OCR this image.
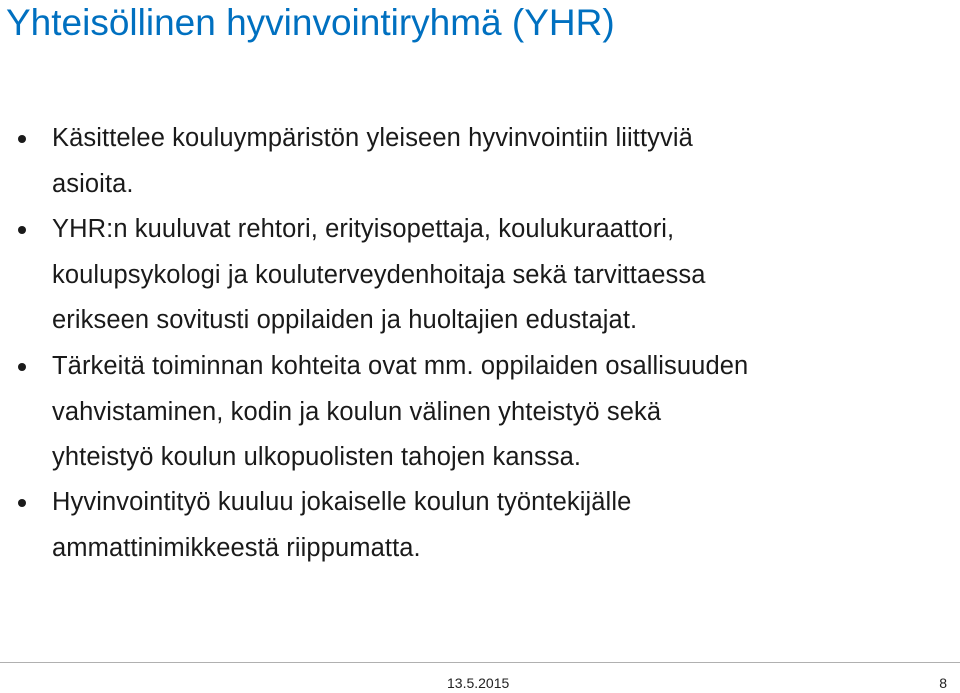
Yhteisöllinen hyvinvointiryhmä (YHR)
Käsittelee kouluympäristön yleiseen hyvinvointiin liittyviä
asioita.
YHR:n kuuluvat rehtori, erityisopettaja, koulukuraattori,
koulupsykologi ja kouluterveydenhoitaja sekä tarvittaessa
erikseen sovitusti oppilaiden ja huoltajien edustajat.
Tärkeitä toiminnan kohteita ovat mm. oppilaiden osallisuuden
vahvistaminen, kodin ja koulun välinen yhteistyö sekä
yhteistyö koulun ulkopuolisten tahojen kanssa.
Hyvinvointityö kuuluu jokaiselle koulun työntekijälle
ammattinimikkeestä riippumatta.
13.5.2015	8
